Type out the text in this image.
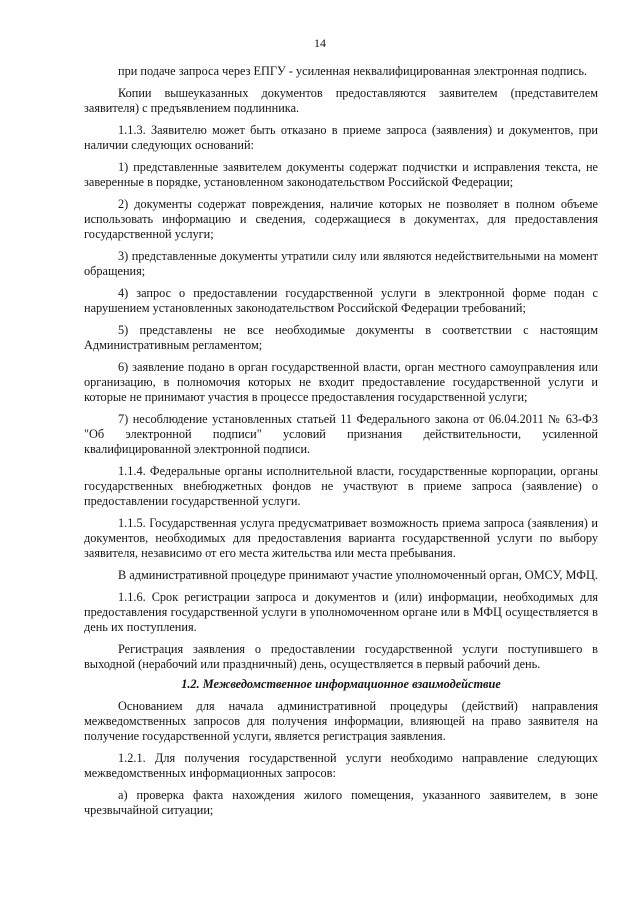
14

при подаче запроса через ЕПГУ - усиленная неквалифицированная электронная подпись.

Копии вышеуказанных документов предоставляются заявителем (представителем заявителя) с предъявлением подлинника.

1.1.3. Заявителю может быть отказано в приеме запроса (заявления) и документов, при наличии следующих оснований:

1) представленные заявителем документы содержат подчистки и исправления текста, не заверенные в порядке, установленном законодательством Российской Федерации;

2) документы содержат повреждения, наличие которых не позволяет в полном объеме использовать информацию и сведения, содержащиеся в документах, для предоставления государственной услуги;

3) представленные документы утратили силу или являются недействительными на момент обращения;

4) запрос о предоставлении государственной услуги в электронной форме подан с нарушением установленных законодательством Российской Федерации требований;

5) представлены не все необходимые документы в соответствии с настоящим Административным регламентом;

6) заявление подано в орган государственной власти, орган местного самоуправления или организацию, в полномочия которых не входит предоставление государственной услуги и которые не принимают участия в процессе предоставления государственной услуги;

7) несоблюдение установленных статьей 11 Федерального закона от 06.04.2011 № 63-ФЗ "Об электронной подписи" условий признания действительности, усиленной квалифицированной электронной подписи.

1.1.4. Федеральные органы исполнительной власти, государственные корпорации, органы государственных внебюджетных фондов не участвуют в приеме запроса (заявление) о предоставлении государственной услуги.

1.1.5. Государственная услуга предусматривает возможность приема запроса (заявления) и документов, необходимых для предоставления варианта государственной услуги по выбору заявителя, независимо от его места жительства или места пребывания.

В административной процедуре принимают участие уполномоченный орган, ОМСУ, МФЦ.

1.1.6. Срок регистрации запроса и документов и (или) информации, необходимых для предоставления государственной услуги в уполномоченном органе или в МФЦ осуществляется в день их поступления.

Регистрация заявления о предоставлении государственной услуги поступившего в выходной (нерабочий или праздничный) день, осуществляется в первый рабочий день.

1.2. Межведомственное информационное взаимодействие

Основанием для начала административной процедуры (действий) направления межведомственных запросов для получения информации, влияющей на право заявителя на получение государственной услуги, является регистрация заявления.

1.2.1. Для получения государственной услуги необходимо направление следующих межведомственных информационных запросов:

а) проверка факта нахождения жилого помещения, указанного заявителем, в зоне чрезвычайной ситуации;
